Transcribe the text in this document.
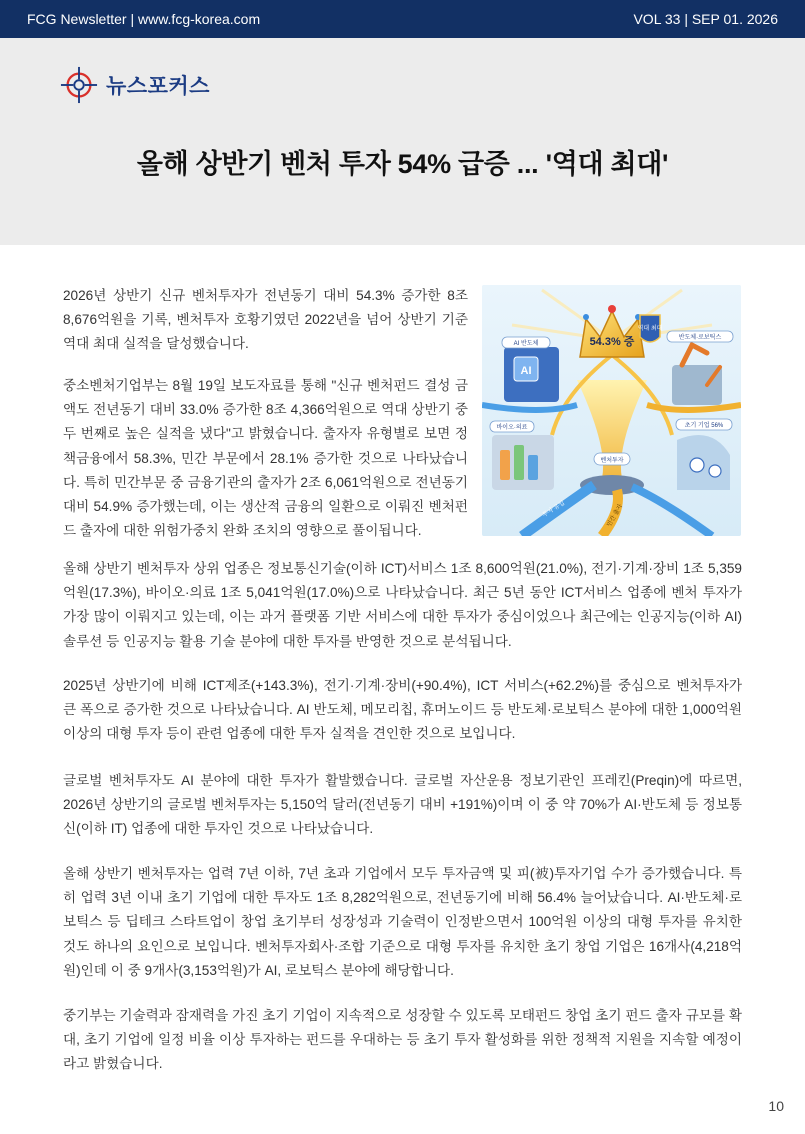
FCG Newsletter | www.fcg-korea.com	VOL 33 | SEP 01. 2026
뉴스포커스
올해 상반기 벤처 투자 54% 급증 ... '역대 최대'

2026년 상반기 신규 벤처투자가 전년동기 대비 54.3% 증가한 8조 8,676억원을 기록, 벤처투자 호황기였던 2022년을 넘어 상반기 기준 역대 최대 실적을 달성했습니다.

중소벤처기업부는 8월 19일 보도자료를 통해 "신규 벤처펀드 결성 금액도 전년동기 대비 33.0% 증가한 8조 4,366억원으로 역대 상반기 중 두 번째로 높은 실적을 냈다"고 밝혔습니다. 출자자 유형별로 보면 정책금융에서 58.3%, 민간 부문에서 28.1% 증가한 것으로 나타났습니다. 특히 민간부문 중 금융기관의 출자가 2조 6,061억원으로 전년동기 대비 54.9% 증가했는데, 이는 생산적 금융의 일환으로 이뤄진 벤처펀드 출자에 대한 위험가중치 완화 조치의 영향으로 풀이됩니다.

54.3% 증
역대 최대
AI
AI 반도체
반도체·로보틱스
바이오·의료	초기 기업 56%
벤처투자
투자 유입	민간 출자

올해 상반기 벤처투자 상위 업종은 정보통신기술(이하 ICT)서비스 1조 8,600억원(21.0%), 전기·기계·장비 1조 5,359억원(17.3%), 바이오·의료 1조 5,041억원(17.0%)으로 나타났습니다. 최근 5년 동안 ICT서비스 업종에 벤처 투자가 가장 많이 이뤄지고 있는데, 이는 과거 플랫폼 기반 서비스에 대한 투자가 중심이었으나 최근에는 인공지능(이하 AI) 솔루션 등 인공지능 활용 기술 분야에 대한 투자를 반영한 것으로 분석됩니다.

2025년 상반기에 비해 ICT제조(+143.3%), 전기·기계·장비(+90.4%), ICT 서비스(+62.2%)를 중심으로 벤처투자가 큰 폭으로 증가한 것으로 나타났습니다. AI 반도체, 메모리칩, 휴머노이드 등 반도체·로보틱스 분야에 대한 1,000억원 이상의 대형 투자 등이 관련 업종에 대한 투자 실적을 견인한 것으로 보입니다.

글로벌 벤처투자도 AI 분야에 대한 투자가 활발했습니다. 글로벌 자산운용 정보기관인 프레킨(Preqin)에 따르면, 2026년 상반기의 글로벌 벤처투자는 5,150억 달러(전년동기 대비 +191%)이며 이 중 약 70%가 AI·반도체 등 정보통신(이하 IT) 업종에 대한 투자인 것으로 나타났습니다.

올해 상반기 벤처투자는 업력 7년 이하, 7년 초과 기업에서 모두 투자금액 및 피(被)투자기업 수가 증가했습니다. 특히 업력 3년 이내 초기 기업에 대한 투자도 1조 8,282억원으로, 전년동기에 비해 56.4% 늘어났습니다. AI·반도체·로보틱스 등 딥테크 스타트업이 창업 초기부터 성장성과 기술력이 인정받으면서 100억원 이상의 대형 투자를 유치한 것도 하나의 요인으로 보입니다. 벤처투자회사·조합 기준으로 대형 투자를 유치한 초기 창업 기업은 16개사(4,218억원)인데 이 중 9개사(3,153억원)가 AI, 로보틱스 분야에 해당합니다.

중기부는 기술력과 잠재력을 가진 초기 기업이 지속적으로 성장할 수 있도록 모태펀드 창업 초기 펀드 출자 규모를 확대, 초기 기업에 일정 비율 이상 투자하는 펀드를 우대하는 등 초기 투자 활성화를 위한 정책적 지원을 지속할 예정이라고 밝혔습니다.

10
